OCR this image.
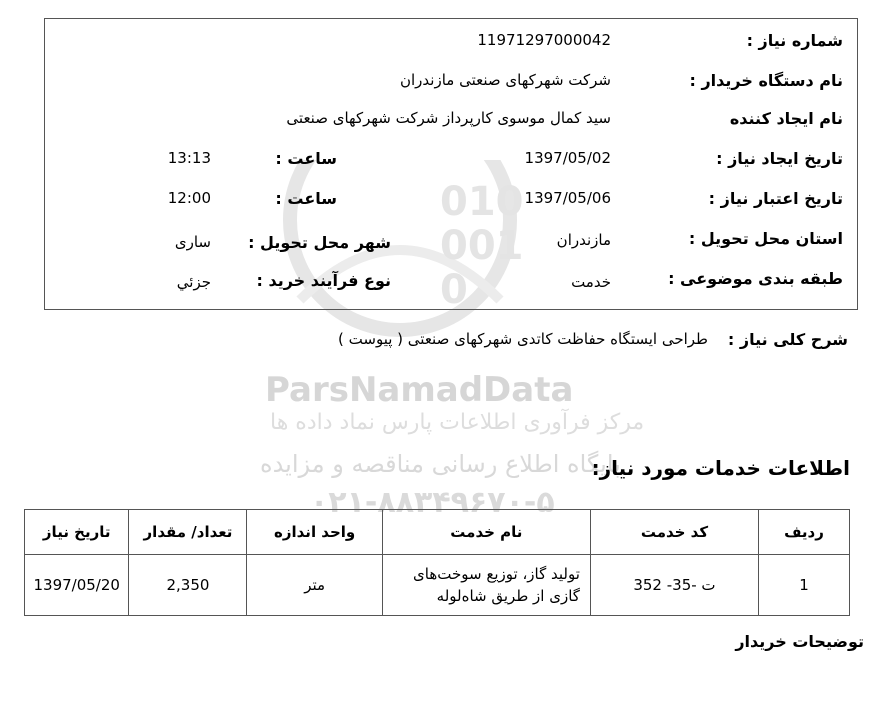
010
001
0
ParsNamadData
مرکز فرآوری اطلاعات پارس نماد داده ها
پایگاه اطلاع رسانی مناقصه و مزایده
۰۲۱-۸۸۳۴۹۶۷۰-۵
شماره نیاز :
11971297000042
نام دستگاه خریدار :
شرکت شهرکهای صنعتی مازندران
نام ایجاد کننده
سید کمال موسوی کارپرداز شرکت شهرکهای صنعتی
تاریخ ایجاد نیاز :
1397/05/02
ساعت :
13:13
تاریخ اعتبار نیاز :
1397/05/06
ساعت :
12:00
استان محل تحویل :
مازندران
شهر محل تحویل :
ساری
طبقه بندی موضوعی :
خدمت
نوع فرآیند خرید :
جزئي
شرح کلی نیاز :
طراحی ایستگاه حفاظت کاتدی شهرکهای صنعتی ( پیوست )
اطلاعات خدمات مورد نیاز:
ردیف	کد خدمت	نام خدمت	واحد اندازه	تعداد/ مقدار	تاریخ نیاز
1	ت -35- 352	تولید گاز، توزیع سوخت‌های گازی از طریق شاه‌لوله	متر	2,350	1397/05/20
توضیحات خریدار
